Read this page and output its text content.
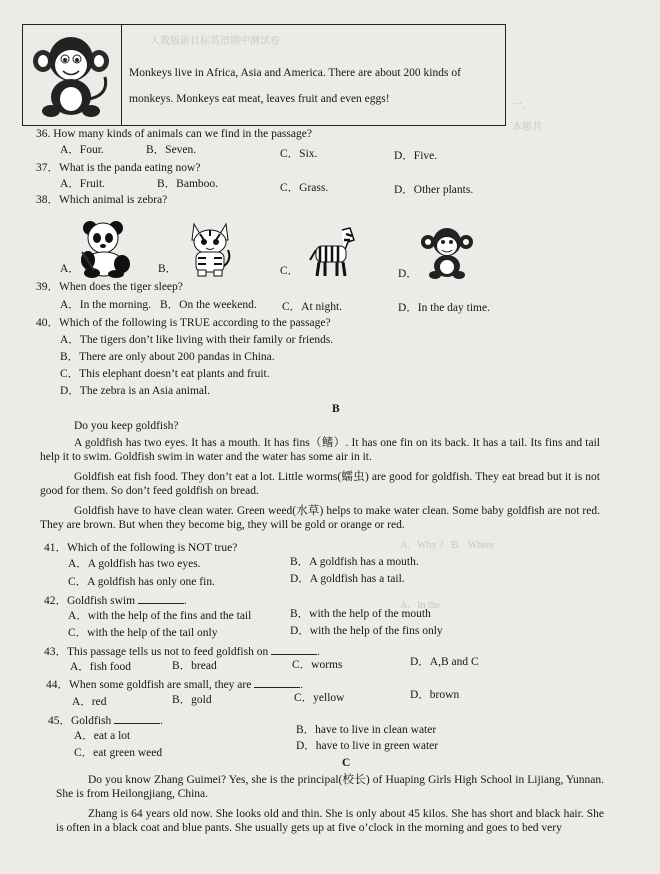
人教版新目标英语期中测试卷
一、
本题共
A．Why ?   B．Where
A．In the
Monkeys live in Africa, Asia and America. There are about 200 kinds of
monkeys. Monkeys eat meat, leaves fruit and even eggs!
36. How many kinds of animals can we find in the passage?
A．Four.	B．Seven.	C．Six.	D．Five.
37．What is the panda eating now?
A．Fruit.	B．Bamboo.	C．Grass.	D．Other plants.
38．Which animal is zebra?
A．	B．	C．	D．
39．When does the tiger sleep?
A．In the morning. B．On the weekend. C．At night.	D．In the day time.
40．Which of the following is TRUE according to the passage?
A．The tigers don’t like living with their family or friends.
B．There are only about 200 pandas in China.
C．This elephant doesn’t eat plants and fruit.
D．The zebra is an Asia animal.
B
Do you keep goldfish?
A goldfish has two eyes. It has a mouth. It has fins（鳍）. It has one fin on its back. It has a tail. Its fins and tail help it to swim. Goldfish swim in water and the water has some air in it.
Goldfish eat fish food. They don’t eat a lot. Little worms(蠕虫) are good for goldfish. They eat bread but it is not good for them. So don’t feed goldfish on bread.
Goldfish have to have clean water. Green weed(水草) helps to make water clean. Some baby goldfish are not red. They are brown. But when they become big, they will be gold or orange or red.
41．Which of the following is NOT true?
A．A goldfish has two eyes.	B．A goldfish has a mouth.
C．A goldfish has only one fin.	D．A goldfish has a tail.
42．Goldfish swim	.
A．with the help of the fins and the tail	B．with the help of the mouth
C．with the help of the tail only	D．with the help of the fins only
43．This passage tells us not to feed goldfish on	.
A．fish food	B．bread	C．worms	D．A,B and C
44．When some goldfish are small, they are	.
A．red	B．gold	C．yellow	D．brown
45．Goldfish	.
A．eat a lot	B．have to live in clean water
C．eat green weed
D．have to live in green water
C
Do you know Zhang Guimei? Yes, she is the principal(校长) of Huaping Girls High School in Lijiang, Yunnan. She is from Heilongjiang, China.
Zhang is 64 years old now. She looks old and thin. She is only about 45 kilos. She has short and black hair. She is often in a black coat and blue pants. She usually gets up at five o’clock in the morning and goes to bed very
